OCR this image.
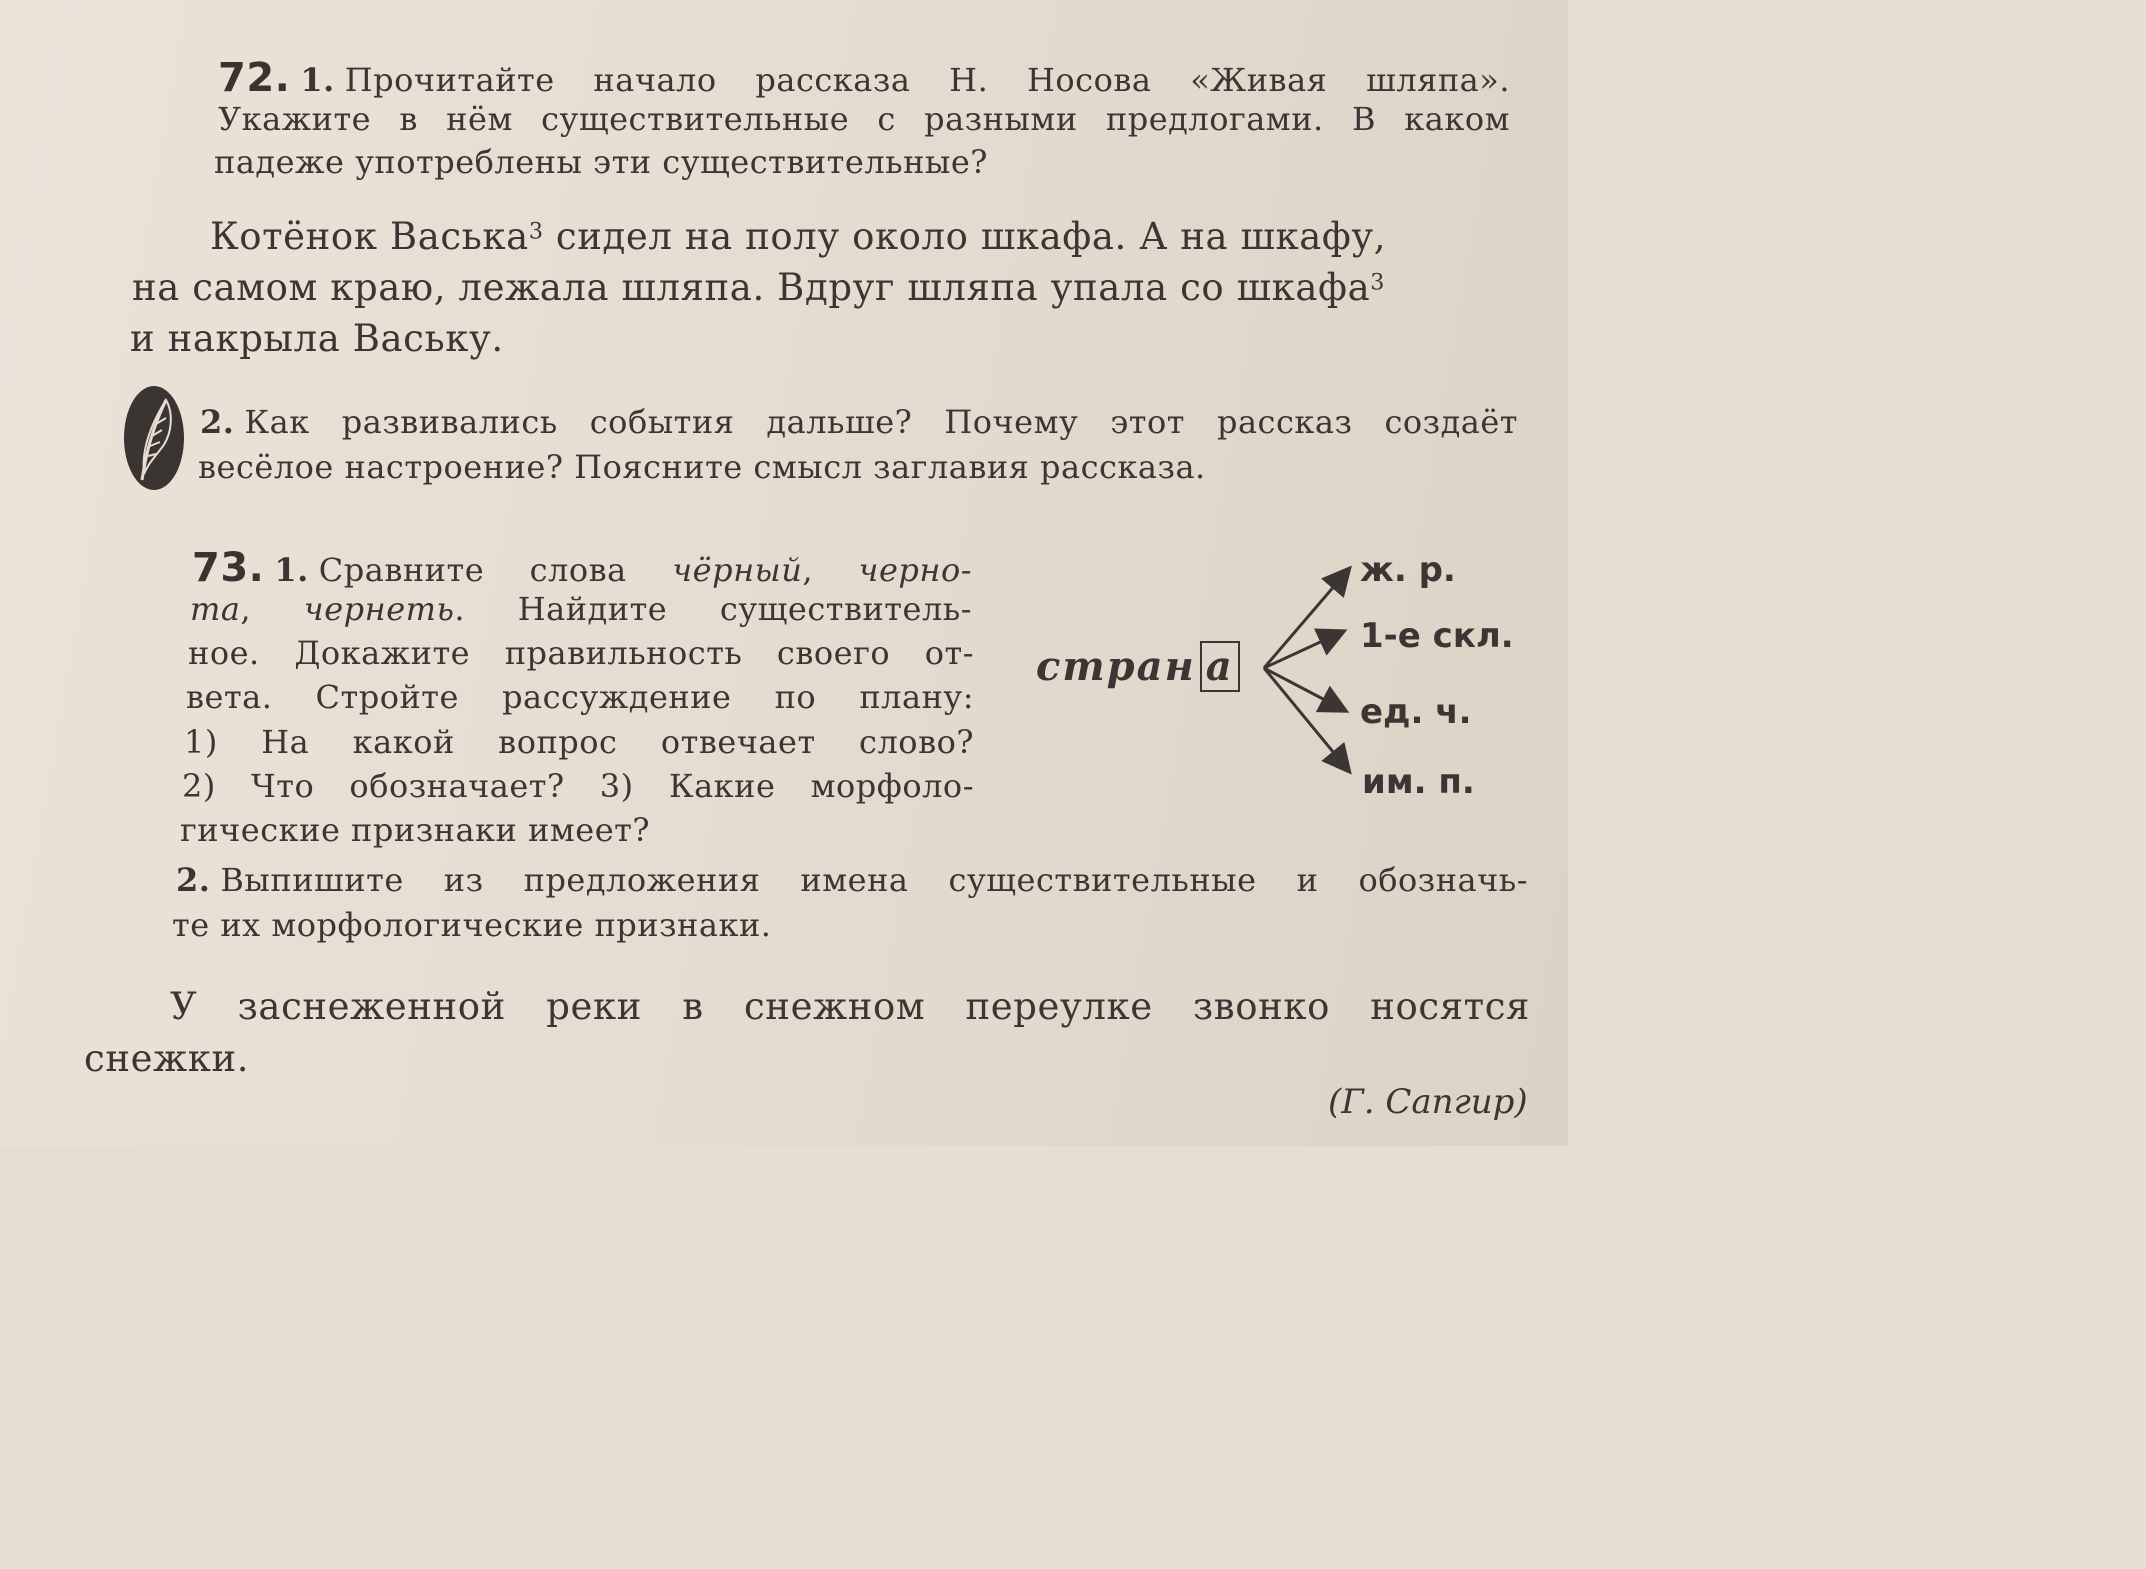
72. 1. Прочитайте начало рассказа Н. Носова «Живая шляпа».
Укажите в нём существительные с разными предлогами. В каком
падеже употреблены эти существительные?
Котёнок Васька$^3$ сидел на полу около шкафа. А на шкафу,
на самом краю, лежала шляпа. Вдруг шляпа упала со шкафа$^3$
и накрыла Ваську.
2. Как развивались события дальше? Почему этот рассказ создаёт
весёлое настроение? Поясните смысл заглавия рассказа.
73. 1. Сравните слова чёрный, черно-
та, чернеть. Найдите существитель-
ное. Докажите правильность своего от-
вета. Стройте рассуждение по плану:
1) На какой вопрос отвечает слово?
2) Что обозначает? 3) Какие морфоло-
гические признаки имеет?
стран а
ж. р.
1-е скл.
ед. ч.
им. п.
2. Выпишите из предложения имена существительные и обозначь-
те их морфологические признаки.
У заснеженной реки в снежном переулке звонко носятся
снежки.
(Г. Сапгир)
